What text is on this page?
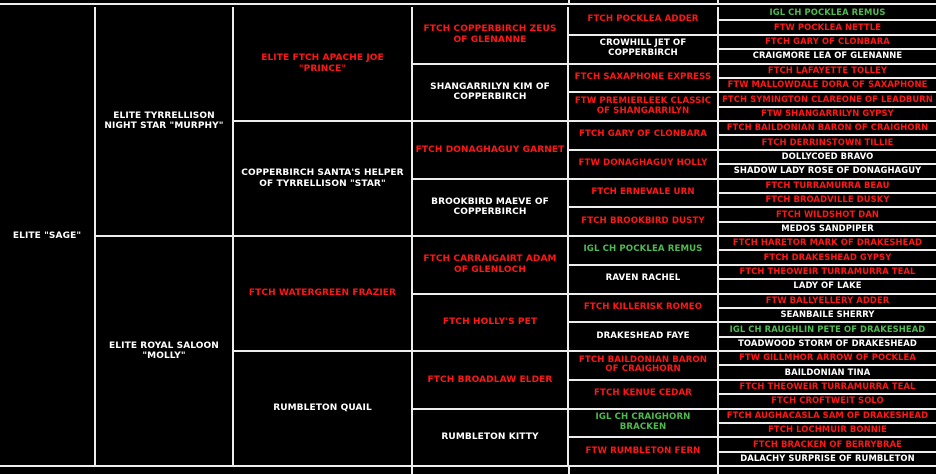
ELITE "SAGE"
ELITE TYRRELLISON NIGHT STAR "MURPHY"
ELITE ROYAL SALOON "MOLLY"
ELITE FTCH APACHE JOE "PRINCE"
COPPERBIRCH SANTA'S HELPER OF TYRRELLISON "STAR"
FTCH WATERGREEN FRAZIER
RUMBLETON QUAIL
FTCH COPPERBIRCH ZEUS OF GLENANNE
SHANGARRILYN KIM OF COPPERBIRCH
FTCH DONAGHAGUY GARNET
BROOKBIRD MAEVE OF COPPERBIRCH
FTCH CARRAIGAIRT ADAM OF GLENLOCH
FTCH HOLLY'S PET
FTCH BROADLAW ELDER
RUMBLETON KITTY
FTCH POCKLEA ADDER
CROWHILL JET OF COPPERBIRCH
FTCH SAXAPHONE EXPRESS
FTW PREMIERLEEK CLASSIC OF SHANGARRILYN
FTCH GARY OF CLONBARA
FTW DONAGHAGUY HOLLY
FTCH ERNEVALE URN
FTCH BROOKBIRD DUSTY
IGL CH POCKLEA REMUS
RAVEN RACHEL
FTCH KILLERISK ROMEO
DRAKESHEAD FAYE
FTCH BAILDONIAN BARON OF CRAIGHORN
FTCH KENUE CEDAR
IGL CH CRAIGHORN BRACKEN
FTW RUMBLETON FERN
IGL CH POCKLEA REMUS
FTW POCKLEA NETTLE
FTCH GARY OF CLONBARA
CRAIGMORE LEA OF GLENANNE
FTCH LAFAYETTE TOLLEY
FTW MALLOWDALE DORA OF SAXAPHONE
FTCH SYMINGTON CLAREONE OF LEADBURN
FTW SHANGARRILYN GYPSY
FTCH BAILDONIAN BARON OF CRAIGHORN
FTCH DERRINSTOWN TILLIE
DOLLYCOED BRAVO
SHADOW LADY ROSE OF DONAGHAGUY
FTCH TURRAMURRA BEAU
FTCH BROADVILLE DUSKY
FTCH WILDSHOT DAN
MEDOS SANDPIPER
FTCH HARETOR MARK OF DRAKESHEAD
FTCH DRAKESHEAD GYPSY
FTCH THEOWEIR TURRAMURRA TEAL
LADY OF LAKE
FTW BALLYELLERY ADDER
SEANBAILE SHERRY
IGL CH RAUGHLIN PETE OF DRAKESHEAD
TOADWOOD STORM OF DRAKESHEAD
FTW GILLMHOR ARROW OF POCKLEA
BAILDONIAN TINA
FTCH THEOWEIR TURRAMURRA TEAL
FTCH CROFTWEIT SOLO
FTCH AUGHACASLA SAM OF DRAKESHEAD
FTCH LOCHMUIR BONNIE
FTCH BRACKEN OF BERRYBRAE
DALACHY SURPRISE OF RUMBLETON
